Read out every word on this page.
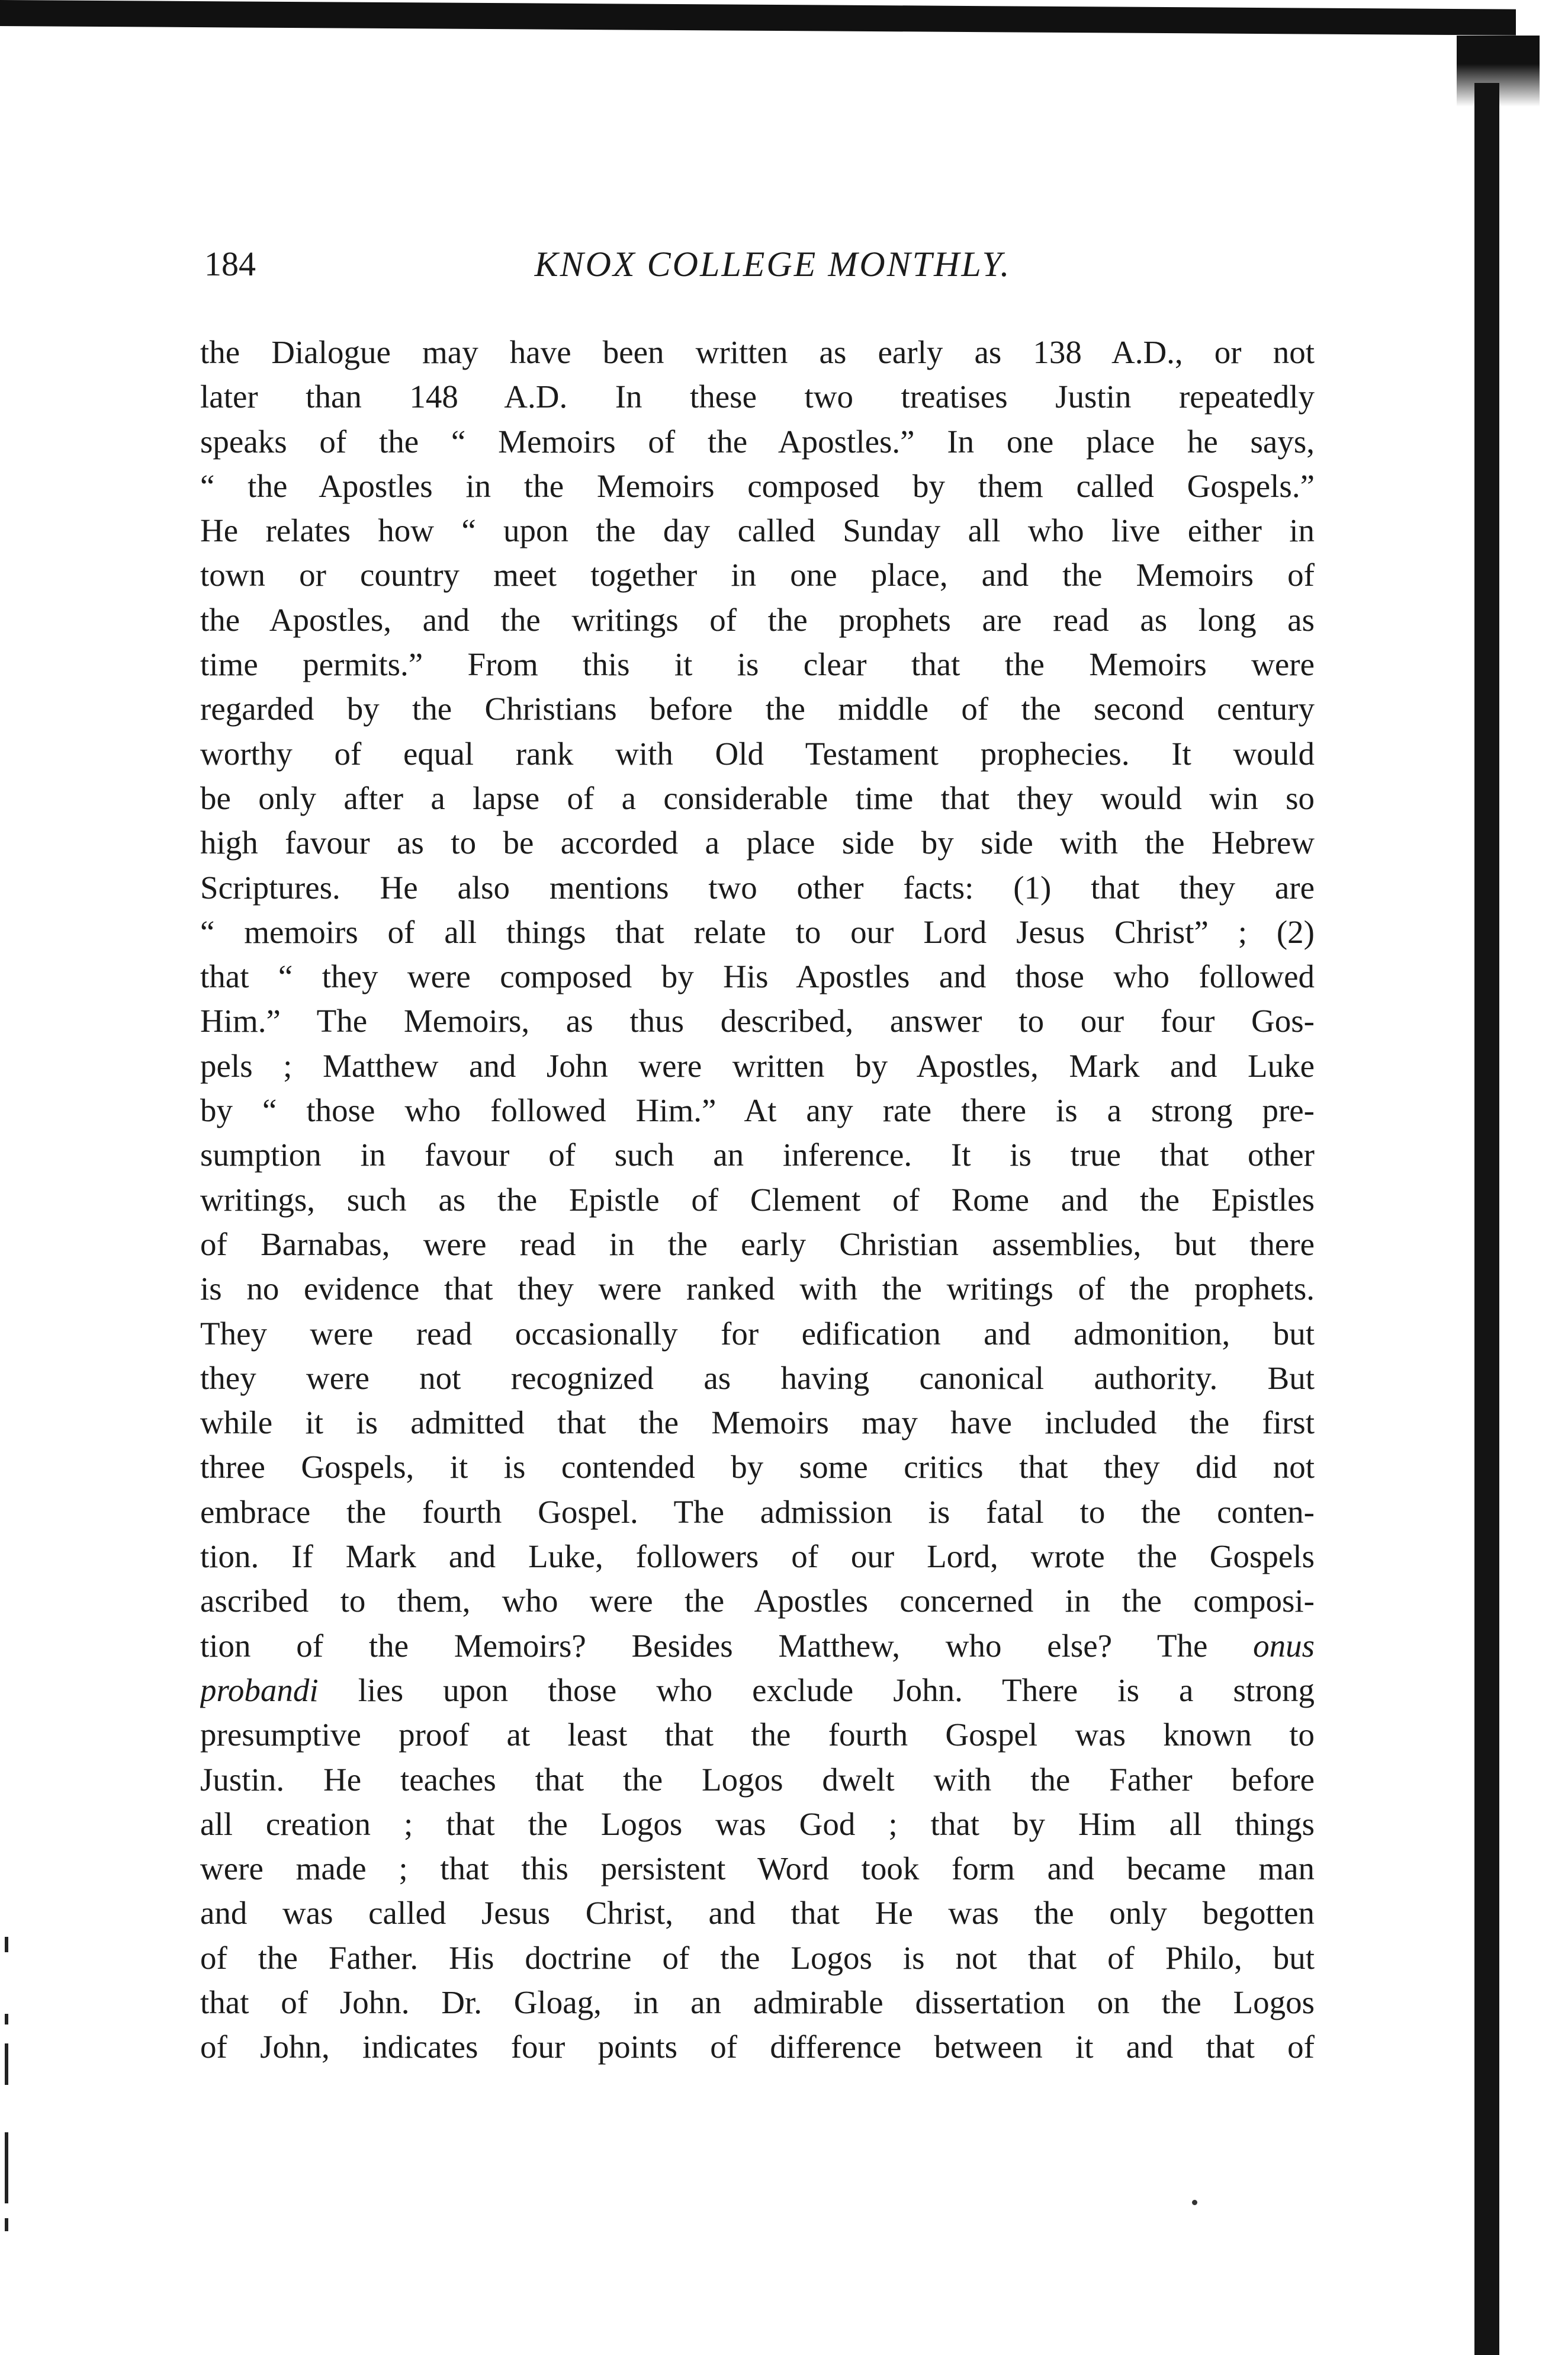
184	KNOX COLLEGE MONTHLY.
the Dialogue may have been written as early as 138 A.D., or not
later than 148 A.D. In these two treatises Justin repeatedly
speaks of the “ Memoirs of the Apostles.” In one place he says,
“ the Apostles in the Memoirs composed by them called Gospels.”
He relates how “ upon the day called Sunday all who live either in
town or country meet together in one place, and the Memoirs of
the Apostles, and the writings of the prophets are read as long as
time permits.” From this it is clear that the Memoirs were
regarded by the Christians before the middle of the second century
worthy of equal rank with Old Testament prophecies. It would
be only after a lapse of a considerable time that they would win so
high favour as to be accorded a place side by side with the Hebrew
Scriptures. He also mentions two other facts: (1) that they are
“ memoirs of all things that relate to our Lord Jesus Christ” ; (2)
that “ they were composed by His Apostles and those who followed
Him.” The Memoirs, as thus described, answer to our four Gos-
pels ; Matthew and John were written by Apostles, Mark and Luke
by “ those who followed Him.” At any rate there is a strong pre-
sumption in favour of such an inference. It is true that other
writings, such as the Epistle of Clement of Rome and the Epistles
of Barnabas, were read in the early Christian assemblies, but there
is no evidence that they were ranked with the writings of the prophets.
They were read occasionally for edification and admonition, but
they were not recognized as having canonical authority. But
while it is admitted that the Memoirs may have included the first
three Gospels, it is contended by some critics that they did not
embrace the fourth Gospel. The admission is fatal to the conten-
tion. If Mark and Luke, followers of our Lord, wrote the Gospels
ascribed to them, who were the Apostles concerned in the composi-
tion of the Memoirs? Besides Matthew, who else? The onus
probandi lies upon those who exclude John. There is a strong
presumptive proof at least that the fourth Gospel was known to
Justin. He teaches that the Logos dwelt with the Father before
all creation ; that the Logos was God ; that by Him all things
were made ; that this persistent Word took form and became man
and was called Jesus Christ, and that He was the only begotten
of the Father. His doctrine of the Logos is not that of Philo, but
that of John. Dr. Gloag, in an admirable dissertation on the Logos
of John, indicates four points of difference between it and that of
